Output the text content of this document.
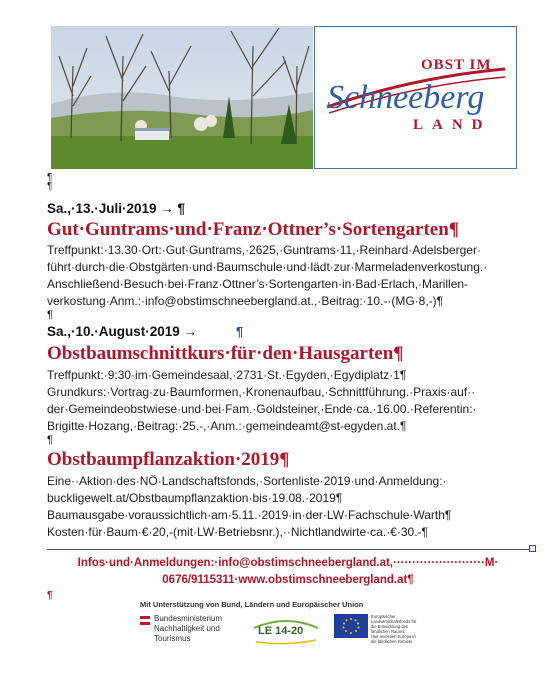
OBST IM
Schneeberg
LAND
¶
¶
Sa.,·13.·Juli·2019 → ¶
Gut·Guntrams·und·Franz·Ottner’s·Sortengarten¶
Treffpunkt:·13.30·Ort:·Gut·Guntrams,·2625,·Guntrams·11,·Reinhard·Adelsberger·
führt·durch·die·Obstgärten·und·Baumschule·und·lädt·zur·Marmeladenverkostung.·
Anschließend·Besuch·bei·Franz·Ottner’s·Sortengarten·in·Bad·Erlach,·Marillen-
verkostung·Anm.:·info@obstimschneebergland.at.,·Beitrag:·10.-·(MG·8,-)¶
¶
Sa.,·10.·August·2019 →	¶
Obstbaumschnittkurs·für·den·Hausgarten¶
Treffpunkt:·9:30·im·Gemeindesaal,·2731·St.·Egyden,·Egydiplatz·1¶
Grundkurs:·Vortrag·zu·Baumformen,·Kronenaufbau,·Schnittführung.·Praxis·auf··
der·Gemeindeobstwiese·und·bei·Fam.·Goldsteiner,·Ende·ca.·16.00.·Referentin:·
Brigitte·Hozang,·Beitrag:·25.-,·Anm.:·gemeindeamt@st-egyden.at.¶
¶
Obstbaumpflanzaktion·2019¶
Eine··Aktion·des·NÖ·Landschaftsfonds,·Sortenliste·2019·und·Anmeldung:·
buckligewelt.at/Obstbaumpflanzaktion·bis·19.08.·2019¶
Baumausgabe·voraussichtlich·am·5.11.·2019·in·der·LW·Fachschule·Warth¶
Kosten·für·Baum·€·20,-(mit·LW·Betriebsnr.),··Nichtlandwirte·ca.·€·30.-¶
Infos·und·Anmeldungen:·info@obstimschneebergland.at,························M·
0676/9115311·www.obstimschneebergland.at¶
¶
Mit Unterstützung von Bund, Ländern und Europäischer Union
Bundesministerium
Nachhaltigkeit und
Tourismus
LE 14-20
Europäischer
Landwirtschaftsfonds für
die Entwicklung des
ländlichen Raums:
Hier investiert Europa in
die ländlichen Gebiete
